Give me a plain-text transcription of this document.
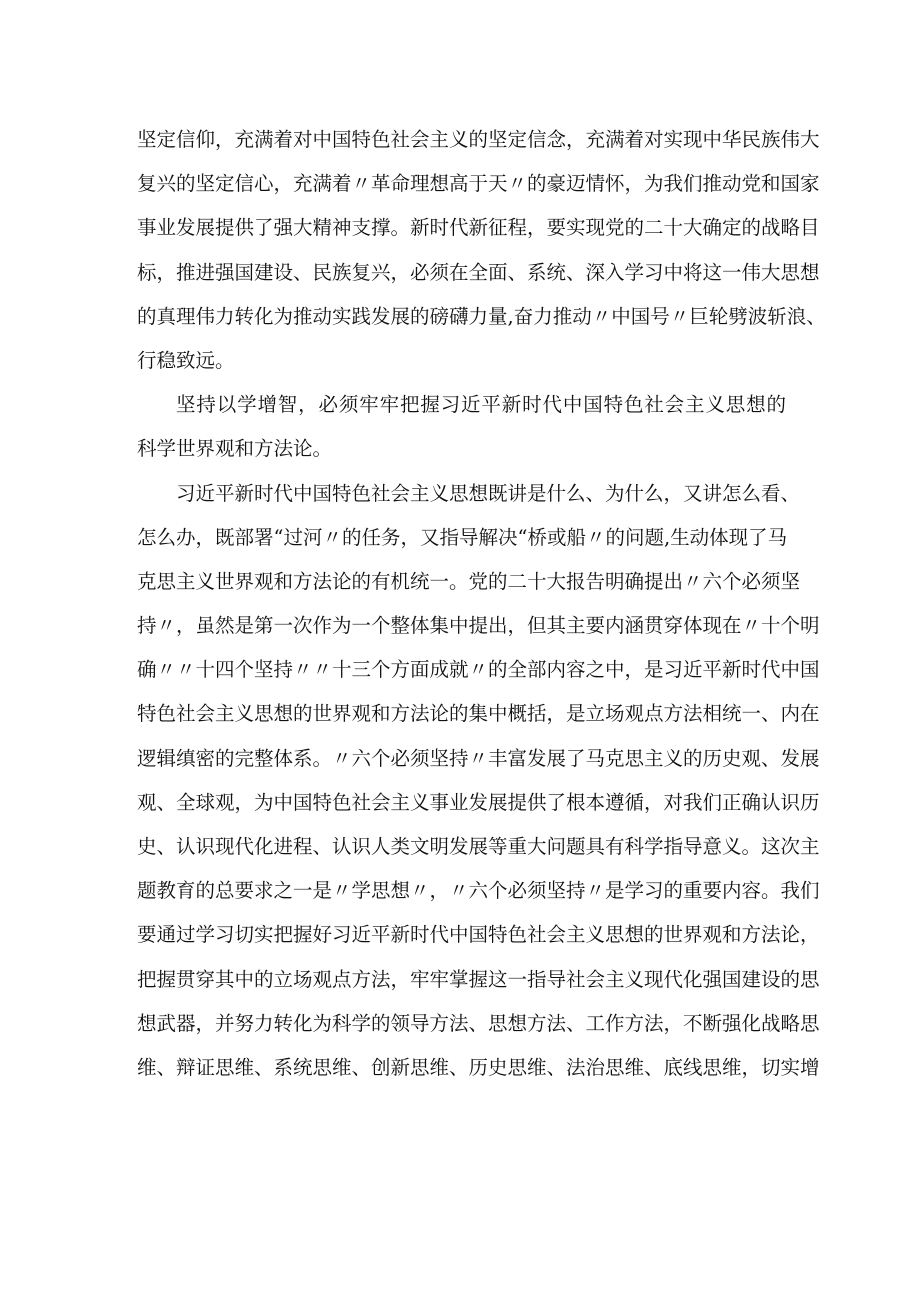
坚定信仰，充满着对中国特色社会主义的坚定信念，充满着对实现中华民族伟大
复兴的坚定信心，充满着〃革命理想高于天〃的豪迈情怀，为我们推动党和国家
事业发展提供了强大精神支撑。新时代新征程，要实现党的二十大确定的战略目
标，推进强国建设、民族复兴，必须在全面、系统、深入学习中将这一伟大思想
的真理伟力转化为推动实践发展的磅礴力量,奋力推动〃中国号〃巨轮劈波斩浪、
行稳致远。
坚持以学增智，必须牢牢把握习近平新时代中国特色社会主义思想的
科学世界观和方法论。
习近平新时代中国特色社会主义思想既讲是什么、为什么，又讲怎么看、
怎么办，既部署“过河〃的任务，又指导解决“桥或船〃的问题,生动体现了马
克思主义世界观和方法论的有机统一。党的二十大报告明确提出〃六个必须坚
持〃，虽然是第一次作为一个整体集中提出，但其主要内涵贯穿体现在〃十个明
确〃〃十四个坚持〃〃十三个方面成就〃的全部内容之中，是习近平新时代中国
特色社会主义思想的世界观和方法论的集中概括，是立场观点方法相统一、内在
逻辑缜密的完整体系。〃六个必须坚持〃丰富发展了马克思主义的历史观、发展
观、全球观，为中国特色社会主义事业发展提供了根本遵循，对我们正确认识历
史、认识现代化进程、认识人类文明发展等重大问题具有科学指导意义。这次主
题教育的总要求之一是〃学思想〃，〃六个必须坚持〃是学习的重要内容。我们
要通过学习切实把握好习近平新时代中国特色社会主义思想的世界观和方法论，
把握贯穿其中的立场观点方法，牢牢掌握这一指导社会主义现代化强国建设的思
想武器，并努力转化为科学的领导方法、思想方法、工作方法，不断强化战略思
维、辩证思维、系统思维、创新思维、历史思维、法治思维、底线思维，切实增
